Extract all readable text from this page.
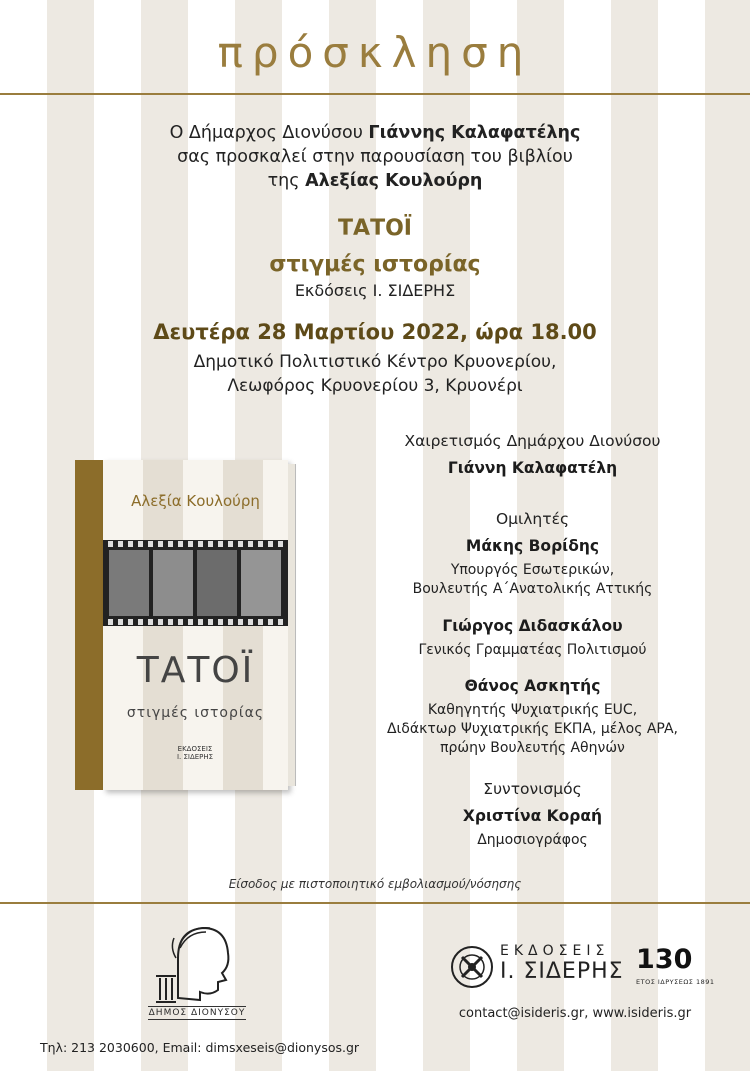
πρόσκληση
Ο Δήμαρχος Διονύσου Γιάννης Καλαφατέλης
σας προσκαλεί στην παρουσίαση του βιβλίου
της Αλεξίας Κουλούρη
ΤΑΤΟΪ
στιγμές ιστορίας
Εκδόσεις Ι. ΣΙΔΕΡΗΣ
Δευτέρα 28 Μαρτίου 2022, ώρα 18.00
Δημοτικό Πολιτιστικό Κέντρο Κρυονερίου,
Λεωφόρος Κρυονερίου 3, Κρυονέρι
Χαιρετισμός Δημάρχου Διονύσου
Γιάννη Καλαφατέλη
Ομιλητές
Μάκης Βορίδης
Υπουργός Εσωτερικών,
Βουλευτής Α΄Ανατολικής Αττικής
Γιώργος Διδασκάλου
Γενικός Γραμματέας Πολιτισμού
Θάνος Ασκητής
Καθηγητής Ψυχιατρικής EUC,
Διδάκτωρ Ψυχιατρικής ΕΚΠΑ, μέλος APA,
πρώην Βουλευτής Αθηνών
Συντονισμός
Χριστίνα Κοραή
Δημοσιογράφος
Αλεξία Κουλούρη
ΤΑΤΟΪ
στιγμές ιστορίας
ΕΚΔΟΣΕΙΣ Ι. ΣΙΔΕΡΗΣ
Είσοδος με πιστοποιητικό εμβολιασμού/νόσησης
ΔΗΜΟΣ ΔΙΟΝΥΣΟΥ
ΕΚΔΟΣΕΙΣ
Ι. ΣΙΔΕΡΗΣ 130
ΕΤΟΣ ΙΔΡΥΣΕΩΣ 1891
contact@isideris.gr, www.isideris.gr
Τηλ: 213 2030600, Email: dimsxeseis@dionysos.gr
